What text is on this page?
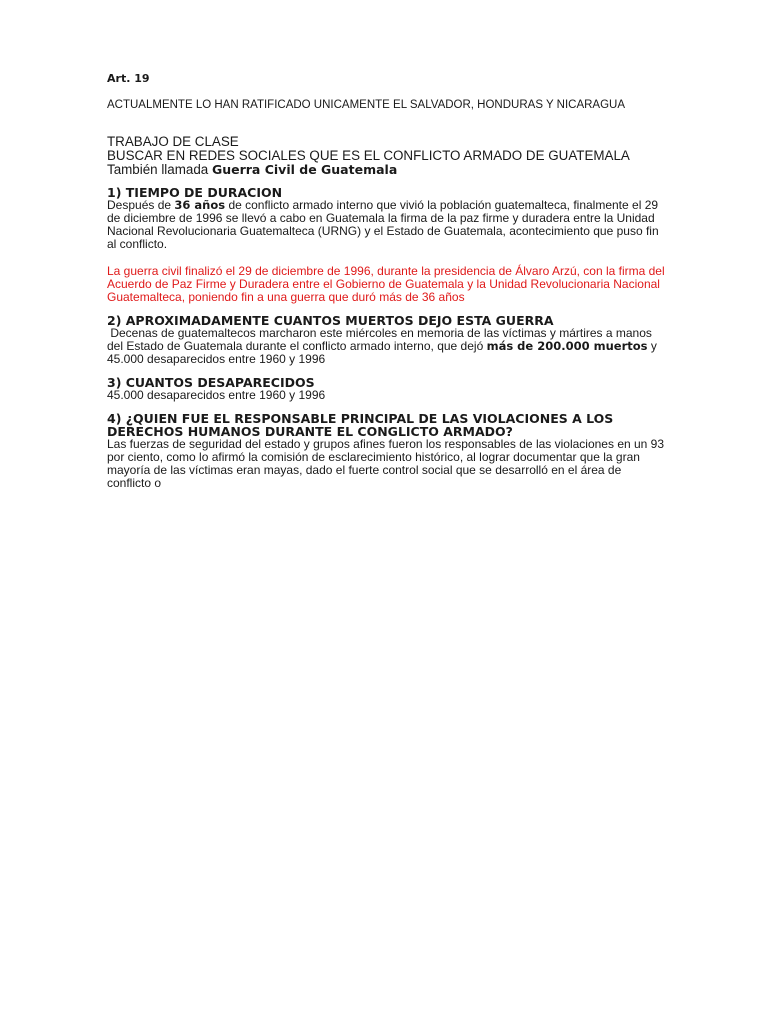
Art. 19

ACTUALMENTE LO HAN RATIFICADO UNICAMENTE EL SALVADOR, HONDURAS Y NICARAGUA

TRABAJO DE CLASE
BUSCAR EN REDES SOCIALES QUE ES EL CONFLICTO ARMADO DE GUATEMALA También llamada Guerra Civil de Guatemala
1) TIEMPO DE DURACION

Después de 36 años de conflicto armado interno que vivió la población guatemalteca, finalmente el 29 de diciembre de 1996 se llevó a cabo en Guatemala la firma de la paz firme y duradera entre la Unidad Nacional Revolucionaria Guatemalteca (URNG) y el Estado de Guatemala, acontecimiento que puso fin al conflicto.

La guerra civil finalizó el 29 de diciembre de 1996, durante la presidencia de Álvaro Arzú, con la firma del Acuerdo de Paz Firme y Duradera entre el Gobierno de Guatemala y la Unidad Revolucionaria Nacional Guatemalteca, poniendo fin a una guerra que duró más de 36 años

2) APROXIMADAMENTE CUANTOS MUERTOS DEJO ESTA GUERRA

Decenas de guatemaltecos marcharon este miércoles en memoria de las víctimas y mártires a manos del Estado de Guatemala durante el conflicto armado interno, que dejó más de 200.000 muertos y 45.000 desaparecidos entre 1960 y 1996

3) CUANTOS DESAPARECIDOS

45.000 desaparecidos entre 1960 y 1996

4) ¿QUIEN FUE EL RESPONSABLE PRINCIPAL DE LAS VIOLACIONES A LOS DERECHOS HUMANOS DURANTE EL CONGLICTO ARMADO?

Las fuerzas de seguridad del estado y grupos afines fueron los responsables de las violaciones en un 93 por ciento, como lo afirmó la comisión de esclarecimiento histórico, al lograr documentar que la gran mayoría de las víctimas eran mayas, dado el fuerte control social que se desarrolló en el área de conflicto o
